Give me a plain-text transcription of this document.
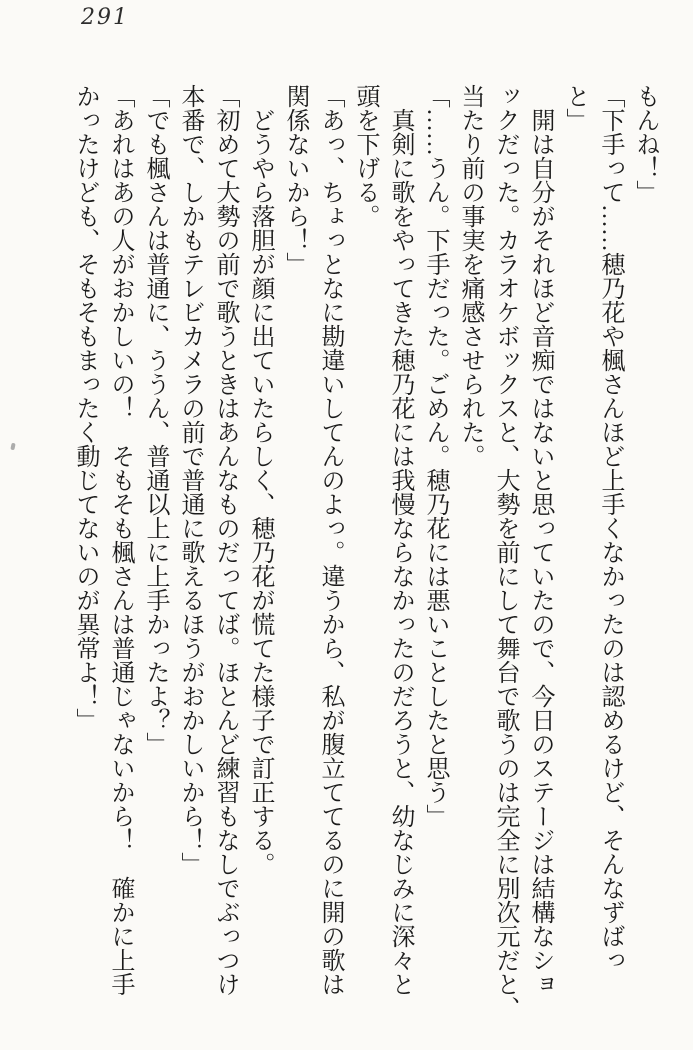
291
もんね！」
「下手って……穂乃花や楓さんほど上手くなかったのは認めるけど、そんなずばっ
と」
開は自分がそれほど音痴ではないと思っていたので、今日のステージは結構なショ
ックだった。カラオケボックスと、大勢を前にして舞台で歌うのは完全に別次元だと、
当たり前の事実を痛感させられた。
「……うん。下手だった。ごめん。穂乃花には悪いことしたと思う」
真剣に歌をやってきた穂乃花には我慢ならなかったのだろうと、幼なじみに深々と
頭を下げる。
「あっ、ちょっとなに勘違いしてんのよっ。違うから、私が腹立ててるのに開の歌は
関係ないから！」
どうやら落胆が顔に出ていたらしく、穂乃花が慌てた様子で訂正する。
「初めて大勢の前で歌うときはあんなものだってば。ほとんど練習もなしでぶっつけ
本番で、しかもテレビカメラの前で普通に歌えるほうがおかしいから！」
「でも楓さんは普通に、ううん、普通以上に上手かったよ？」
「あれはあの人がおかしいの！　そもそも楓さんは普通じゃないから！　確かに上手
かったけども、そもそもまったく動じてないのが異常よ！」
